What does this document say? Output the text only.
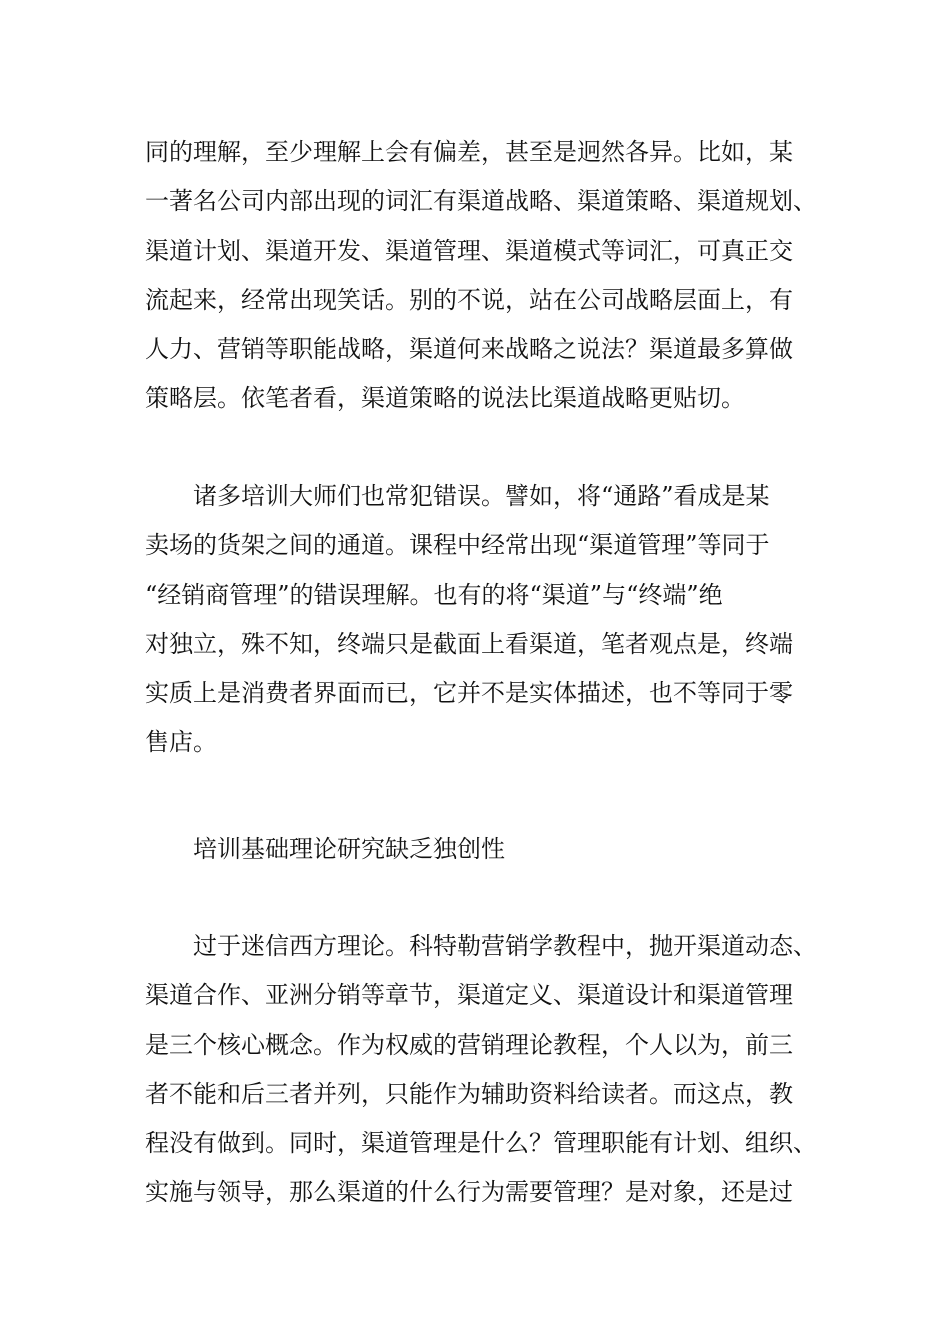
同的理解，至少理解上会有偏差，甚至是迥然各异。比如，某
一著名公司内部出现的词汇有渠道战略、渠道策略、渠道规划、
渠道计划、渠道开发、渠道管理、渠道模式等词汇，可真正交
流起来，经常出现笑话。别的不说，站在公司战略层面上，有
人力、营销等职能战略，渠道何来战略之说法？渠道最多算做
策略层。依笔者看，渠道策略的说法比渠道战略更贴切。
诸多培训大师们也常犯错误。譬如，将“通路”看成是某
卖场的货架之间的通道。课程中经常出现“渠道管理”等同于
“经销商管理”的错误理解。也有的将“渠道”与“终端”绝
对独立，殊不知，终端只是截面上看渠道，笔者观点是，终端
实质上是消费者界面而已，它并不是实体描述，也不等同于零
售店。
培训基础理论研究缺乏独创性
过于迷信西方理论。科特勒营销学教程中，抛开渠道动态、
渠道合作、亚洲分销等章节，渠道定义、渠道设计和渠道管理
是三个核心概念。作为权威的营销理论教程，个人以为，前三
者不能和后三者并列，只能作为辅助资料给读者。而这点，教
程没有做到。同时，渠道管理是什么？管理职能有计划、组织、
实施与领导，那么渠道的什么行为需要管理？是对象，还是过
